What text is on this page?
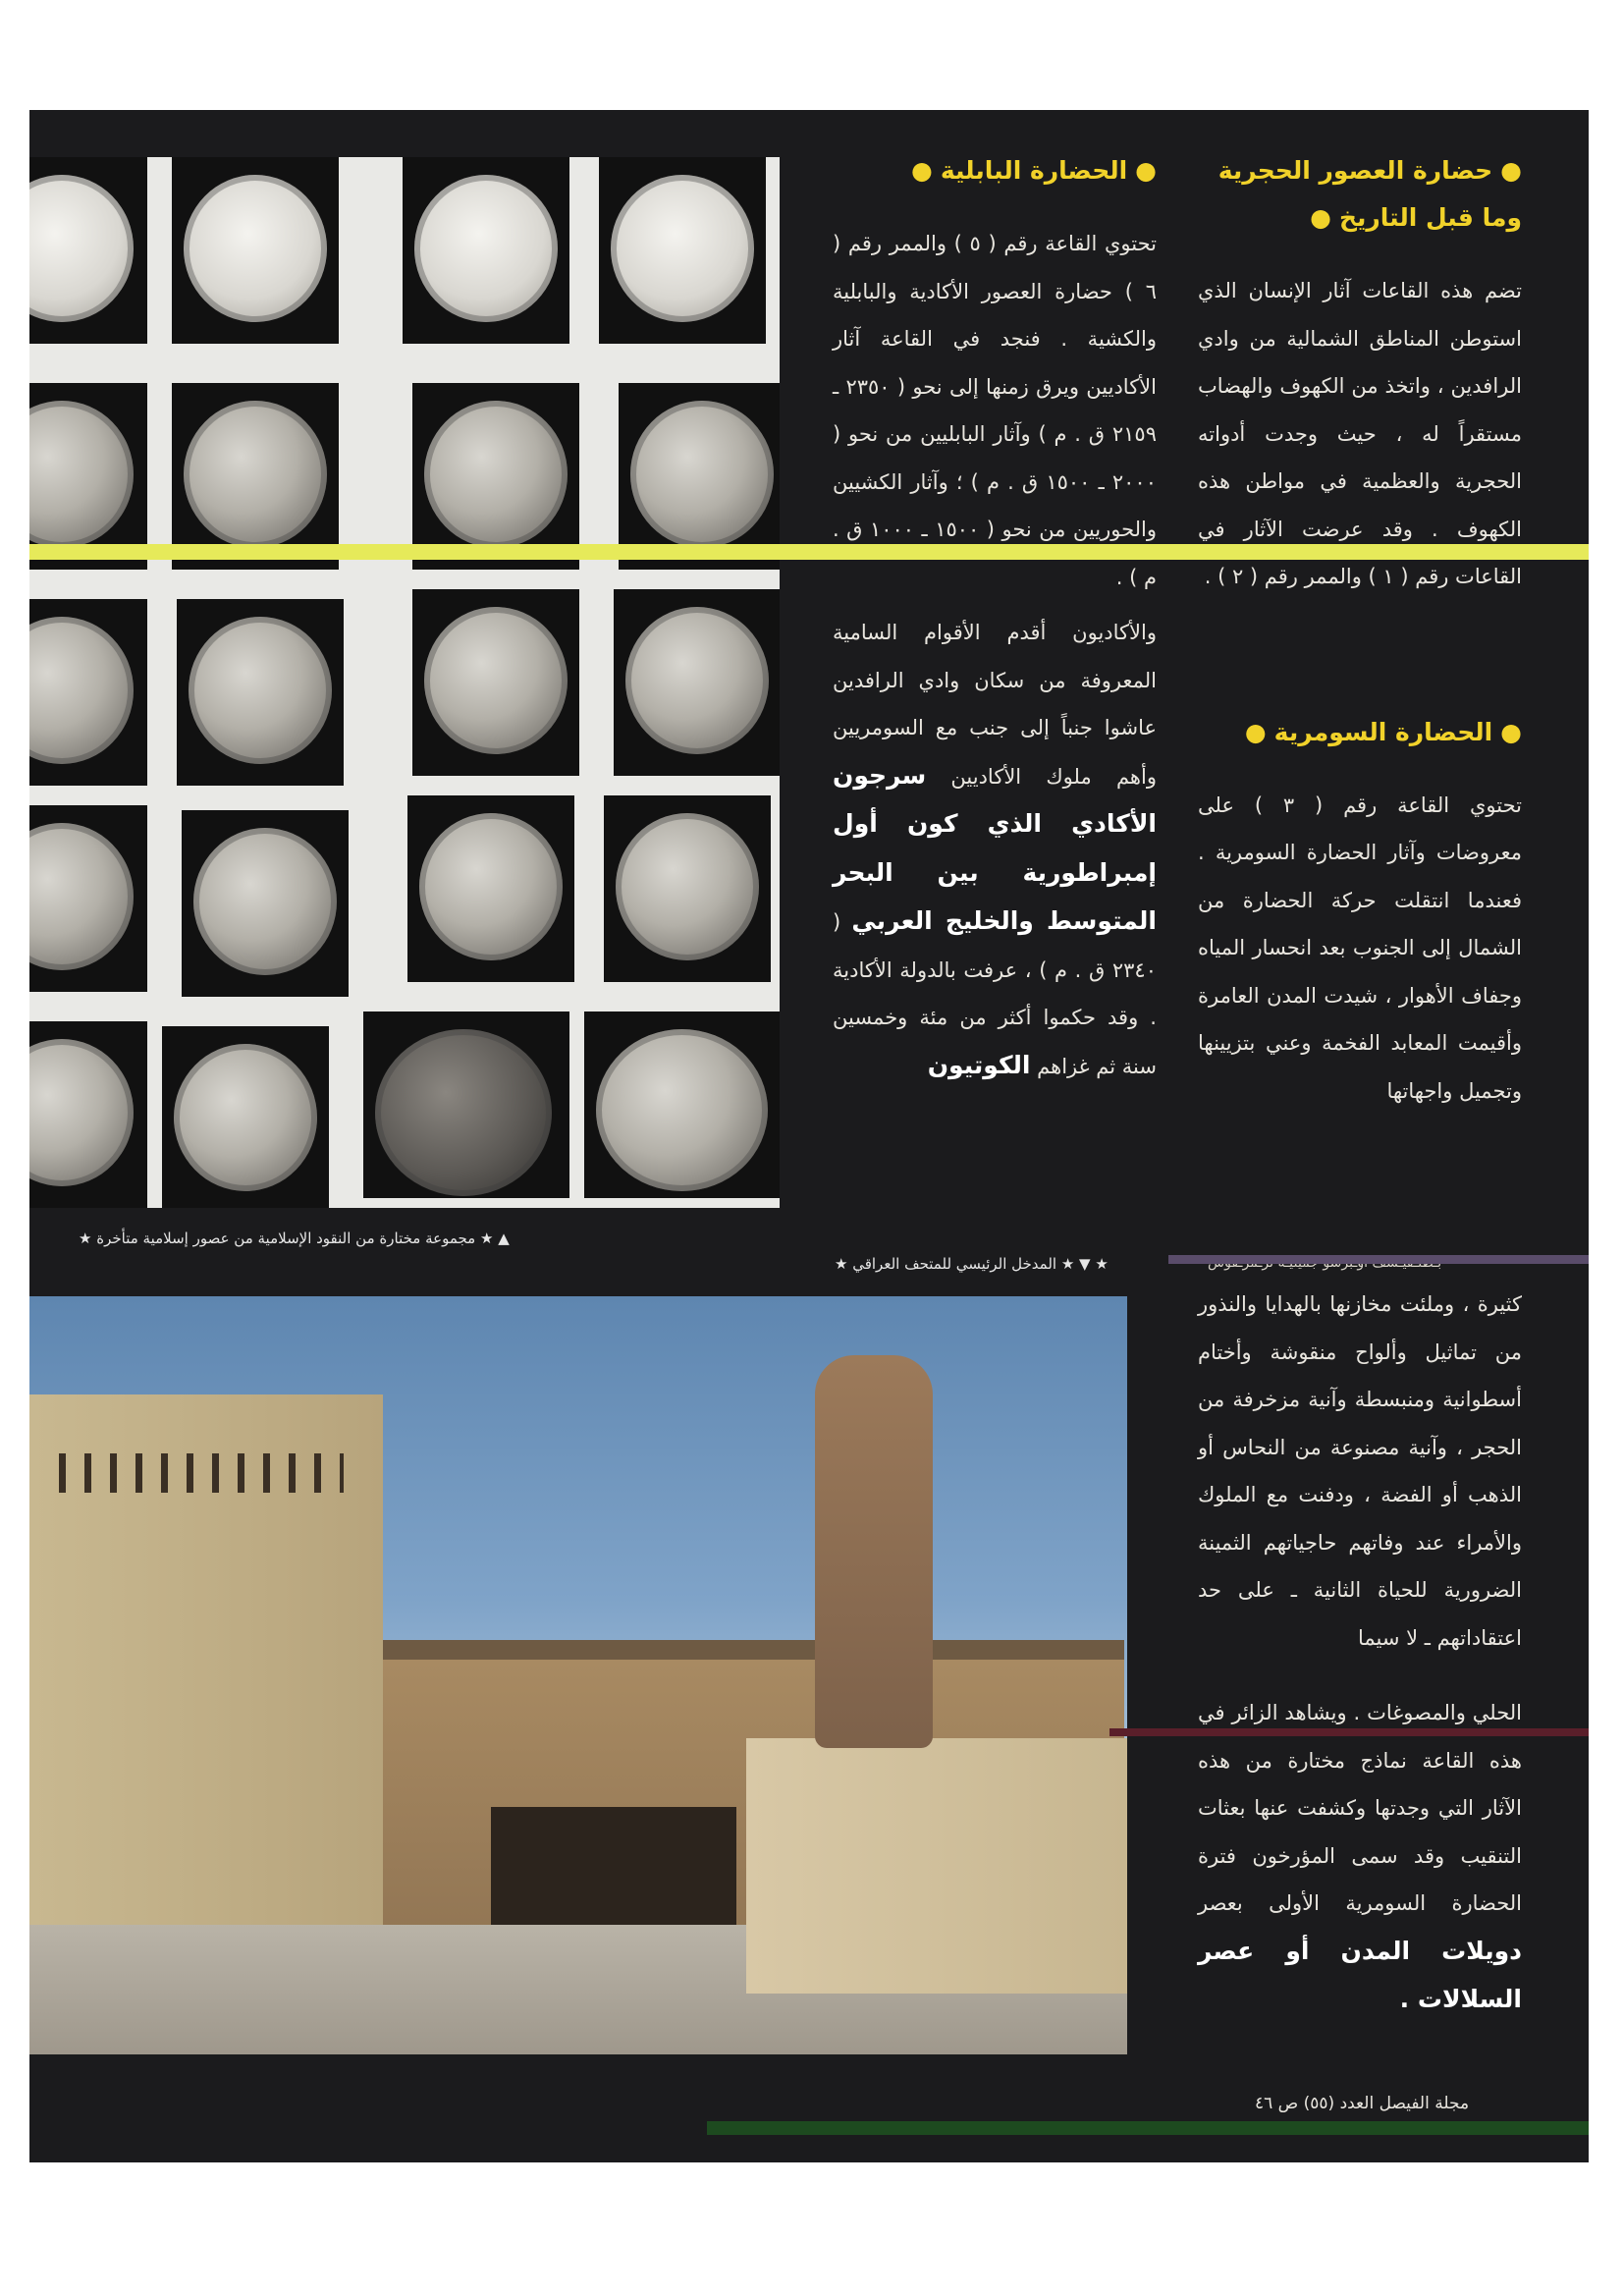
▲ ★ مجموعة مختارة من النقود الإسلامية من عصور إسلامية متأخرة ★
●حضارة العصور الحجرية
وما قبل التاريخ●

تضم هذه القاعات آثار الإنسان الذي استوطن المناطق الشمالية من وادي الرافدين ، واتخذ من الكهوف والهضاب مستقراً له ، حيث وجدت أدواته الحجرية والعظمية في مواطن هذه الكهوف . وقد عرضت الآثار في القاعات رقم ( ١ ) والممر رقم ( ٢ ) .

●الحضارة السومرية●

تحتوي القاعة رقم ( ٣ ) على معروضات وآثار الحضارة السومرية . فعندما انتقلت حركة الحضارة من الشمال إلى الجنوب بعد انحسار المياه وجفاف الأهوار ، شيدت المدن العامرة وأقيمت المعابد الفخمة وعني بتزيينها وتجميل واجهاتها

كثيرة ، وملئت مخازنها بالهدايا والنذور من تماثيل وألواح منقوشة وأختام أسطوانية ومنبسطة وآنية مزخرفة من الحجر ، وآنية مصنوعة من النحاس أو الذهب أو الفضة ، ودفنت مع الملوك والأمراء عند وفاتهم حاجياتهم الثمينة الضرورية للحياة الثانية ـ على حد اعتقاداتهم ـ لا سيما

الحلي والمصوغات . ويشاهد الزائر في هذه القاعة نماذج مختارة من هذه الآثار التي وجدتها وكشفت عنها بعثات التنقيب وقد سمى المؤرخون فترة الحضارة السومرية الأولى بعصر دويلات المدن أو عصر السلالات .

●الحضارة البابلية●

تحتوي القاعة رقم ( ٥ ) والممر رقم ( ٦ ) حضارة العصور الأكادية والبابلية والكشية . فنجد في القاعة آثار الأكاديين ويرق زمنها إلى نحو ( ٢٣٥٠ ـ ٢١٥٩ ق . م ) وآثار البابليين من نحو ( ٢٠٠٠ ـ ١٥٠٠ ق . م ) ؛ وآثار الكشيين والحوريين من نحو ( ١٥٠٠ ـ ١٠٠٠ ق . م ) .

والأكاديون أقدم الأقوام السامية المعروفة من سكان وادي الرافدين عاشوا جنباً إلى جنب مع السومريين وأهم ملوك الأكاديين سرجون الأكادي الذي كون أول إمبراطورية بين البحر المتوسط والخليج العربي ( ٢٣٤٠ ق . م ) ، عرفت بالدولة الأكادية . وقد حكموا أكثر من مئة وخمسين سنة ثم غزاهم الكوتيون

★ ▼ ★ المدخل الرئيسي للمتحف العراقي ★
مجلة الفيصل العدد (٥٥) ص ٤٦
